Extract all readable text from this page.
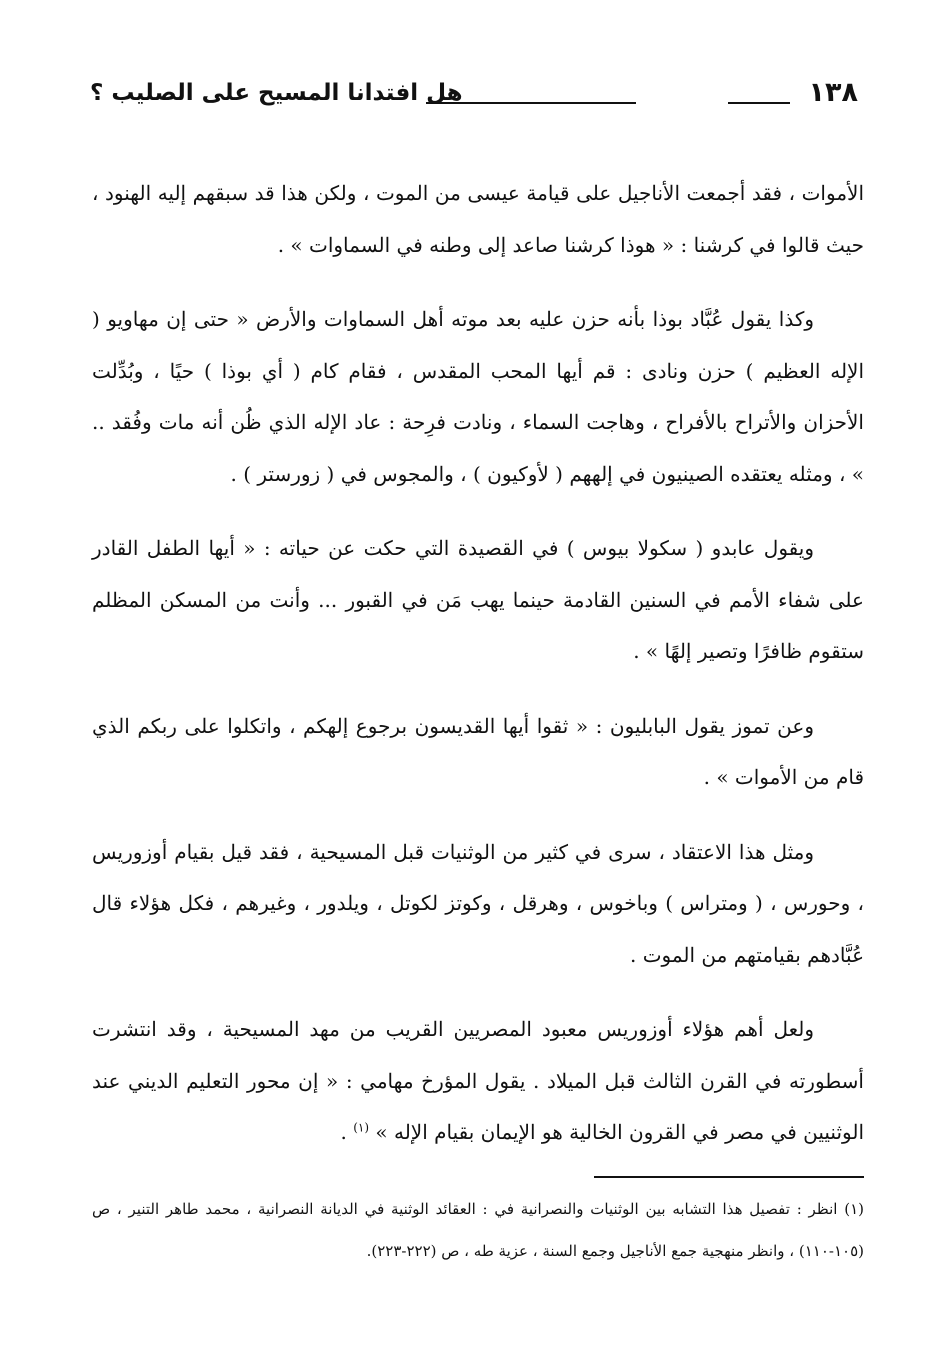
١٣٨
هل افتدانا المسيح على الصليب ؟

الأموات ، فقد أجمعت الأناجيل على قيامة عيسى من الموت ، ولكن هذا قد سبقهم إليه الهنود ، حيث قالوا في كرشنا : « هوذا كرشنا صاعد إلى وطنه في السماوات » .

وكذا يقول عُبَّاد بوذا بأنه حزن عليه بعد موته أهل السماوات والأرض « حتى إن مهاويو ( الإله العظيم ) حزن ونادى : قم أيها المحب المقدس ، فقام كام ( أي بوذا ) حيًا ، وبُدِّلت الأحزان والأتراح بالأفراح ، وهاجت السماء ، ونادت فرِحة : عاد الإله الذي ظُن أنه مات وفُقد .. » ، ومثله يعتقده الصينيون في إلههم ( لأوكيون ) ، والمجوس في ( زورستر ) .

ويقول عابدو ( سكولا بيوس ) في القصيدة التي حكت عن حياته : « أيها الطفل القادر على شفاء الأمم في السنين القادمة حينما يهب مَن في القبور ... وأنت من المسكن المظلم ستقوم ظافرًا وتصير إلهًا » .

وعن تموز يقول البابليون : « ثقوا أيها القديسون برجوع إلهكم ، واتكلوا على ربكم الذي قام من الأموات » .

ومثل هذا الاعتقاد ، سرى في كثير من الوثنيات قبل المسيحية ، فقد قيل بقيام أوزوريس ، وحورس ، ( ومتراس ) وباخوس ، وهرقل ، وكوتز لكوتل ، ويلدور ، وغيرهم ، فكل هؤلاء قال عُبَّادهم بقيامتهم من الموت .

ولعل أهم هؤلاء أوزوريس معبود المصريين القريب من مهد المسيحية ، وقد انتشرت أسطورته في القرن الثالث قبل الميلاد . يقول المؤرخ مهامي : « إن محور التعليم الديني عند الوثنيين في مصر في القرون الخالية هو الإيمان بقيام الإله » $^{(١)}$ .

(١) انظر : تفصيل هذا التشابه بين الوثنيات والنصرانية في : العقائد الوثنية في الديانة النصرانية ، محمد طاهر التنير ، ص (١٠٥-١١٠) ، وانظر منهجية جمع الأناجيل وجمع السنة ، عزية طه ، ص (٢٢٢-٢٢٣).
